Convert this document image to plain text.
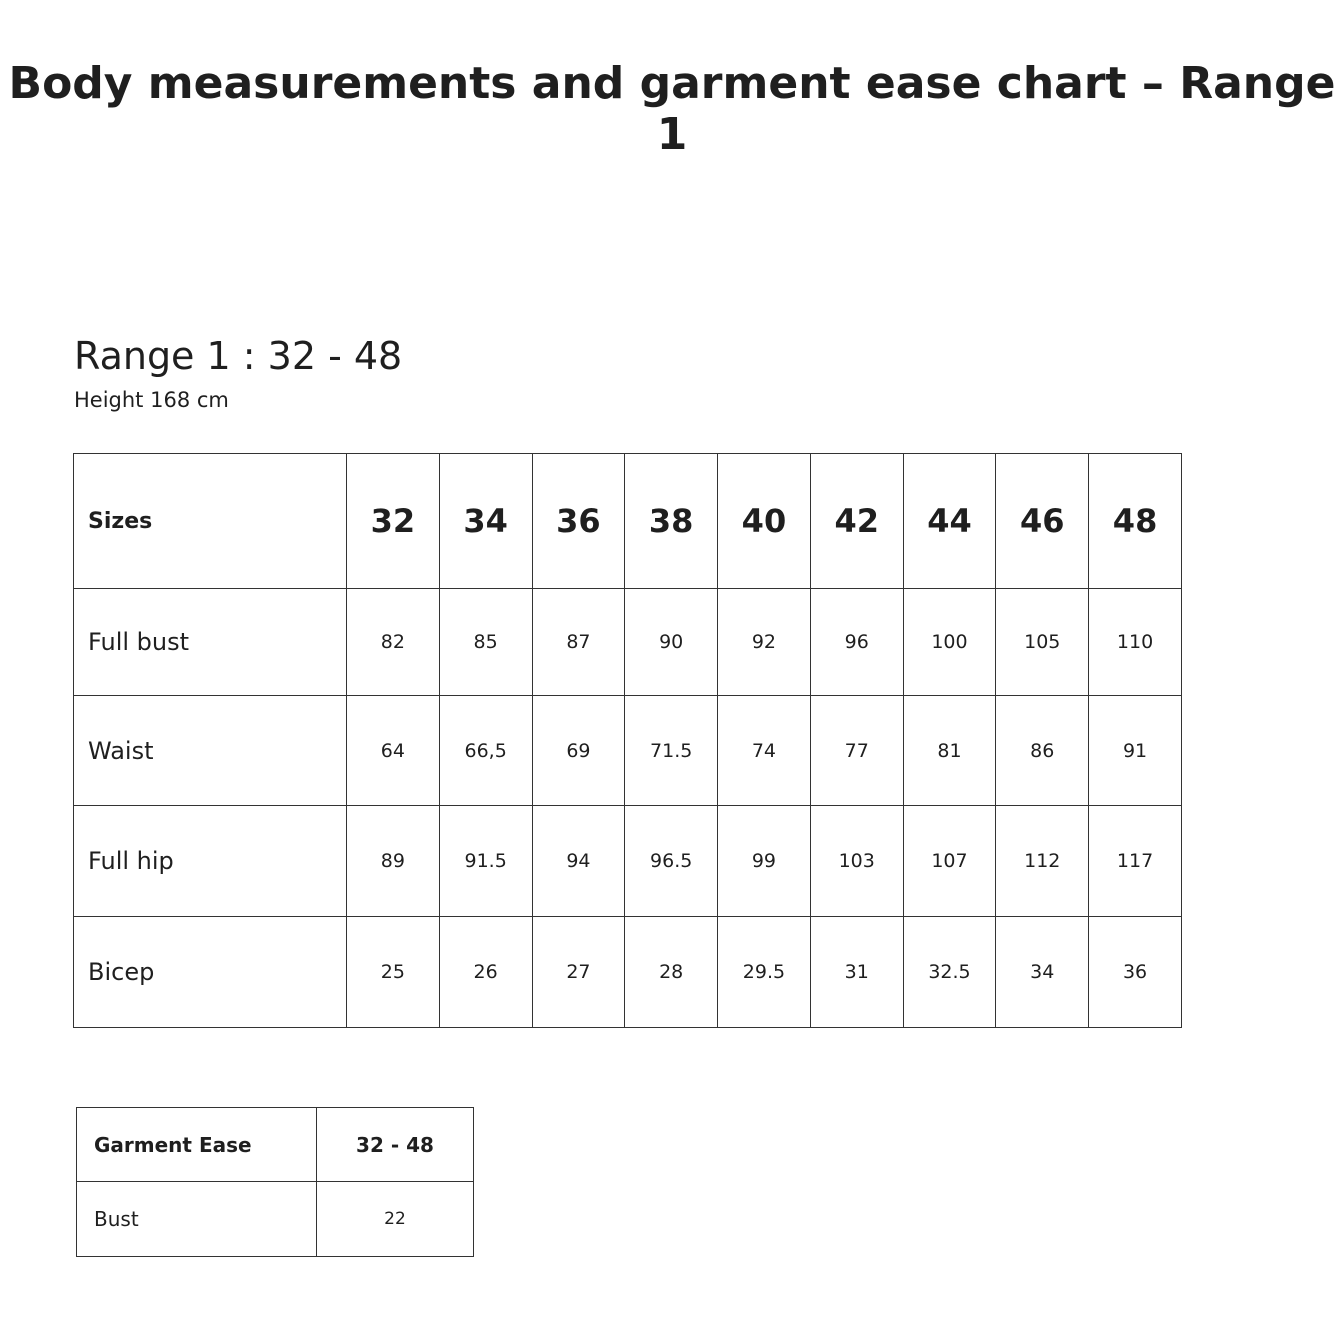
Body measurements and garment ease chart – Range 1
Range 1 : 32 - 48

Height 168 cm

Sizes	32	34	36	38	40	42	44	46	48
Full bust	82	85	87	90	92	96	100	105	110
Waist	64	66,5	69	71.5	74	77	81	86	91
Full hip	89	91.5	94	96.5	99	103	107	112	117
Bicep	25	26	27	28	29.5	31	32.5	34	36
Garment Ease	32 - 48
Bust	22
